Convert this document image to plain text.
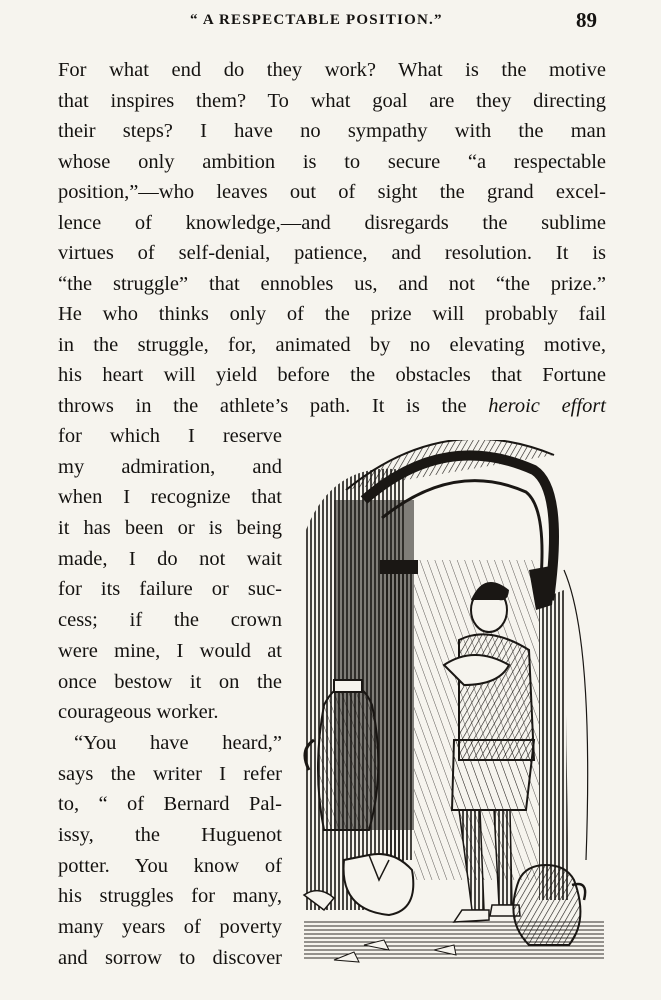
“ A RESPECTABLE POSITION.”	89
For what end do they work? What is the motive
that inspires them? To what goal are they directing
their steps? I have no sympathy with the man
whose only ambition is to secure “a respectable
position,”—who leaves out of sight the grand excel-
lence of knowledge,—and disregards the sublime
virtues of self-denial, patience, and resolution. It is
“the struggle” that ennobles us, and not “the prize.”
He who thinks only of the prize will probably fail
in the struggle, for, animated by no elevating motive,
his heart will yield before the obstacles that Fortune
throws in the athlete’s path. It is the heroic effort
for which I reserve
my admiration, and
when I recognize that
it has been or is being
made, I do not wait
for its failure or suc-
cess; if the crown
were mine, I would at
once bestow it on the
courageous worker.
“You have heard,”
says the writer I refer
to, “ of Bernard Pal-
issy, the Huguenot
potter. You know of
his struggles for many,
many years of poverty
and sorrow to discover
